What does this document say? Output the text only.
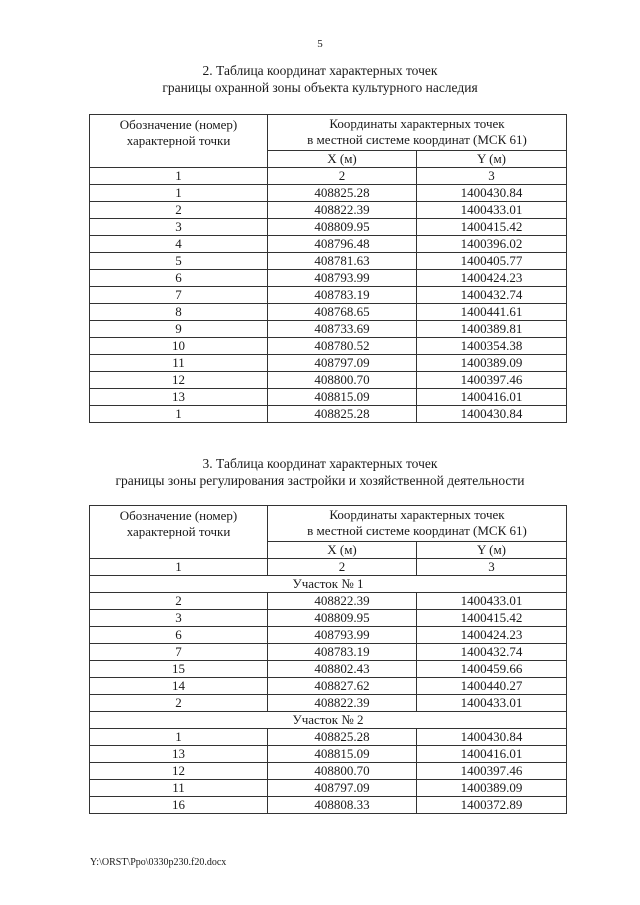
5
2. Таблица координат характерных точек
границы охранной зоны объекта культурного наследия
Обозначение (номер)
характерной точки	Координаты характерных точек
в местной системе координат (МСК 61)	

	X (м)	Y (м)
1	2	3
1	408825.28	1400430.84
2	408822.39	1400433.01
3	408809.95	1400415.42
4	408796.48	1400396.02
5	408781.63	1400405.77
6	408793.99	1400424.23
7	408783.19	1400432.74
8	408768.65	1400441.61
9	408733.69	1400389.81
10	408780.52	1400354.38
11	408797.09	1400389.09
12	408800.70	1400397.46
13	408815.09	1400416.01
1	408825.28	1400430.84
3. Таблица координат характерных точек
границы зоны регулирования застройки и хозяйственной деятельности
Обозначение (номер)
характерной точки	Координаты характерных точек
в местной системе координат (МСК 61)	

	X (м)	Y (м)
1	2	3
Участок № 1		
2	408822.39	1400433.01
3	408809.95	1400415.42
6	408793.99	1400424.23
7	408783.19	1400432.74
15	408802.43	1400459.66
14	408827.62	1400440.27
2	408822.39	1400433.01
Участок № 2		
1	408825.28	1400430.84
13	408815.09	1400416.01
12	408800.70	1400397.46
11	408797.09	1400389.09
16	408808.33	1400372.89
Y:\ORST\Ppo\0330p230.f20.docx
